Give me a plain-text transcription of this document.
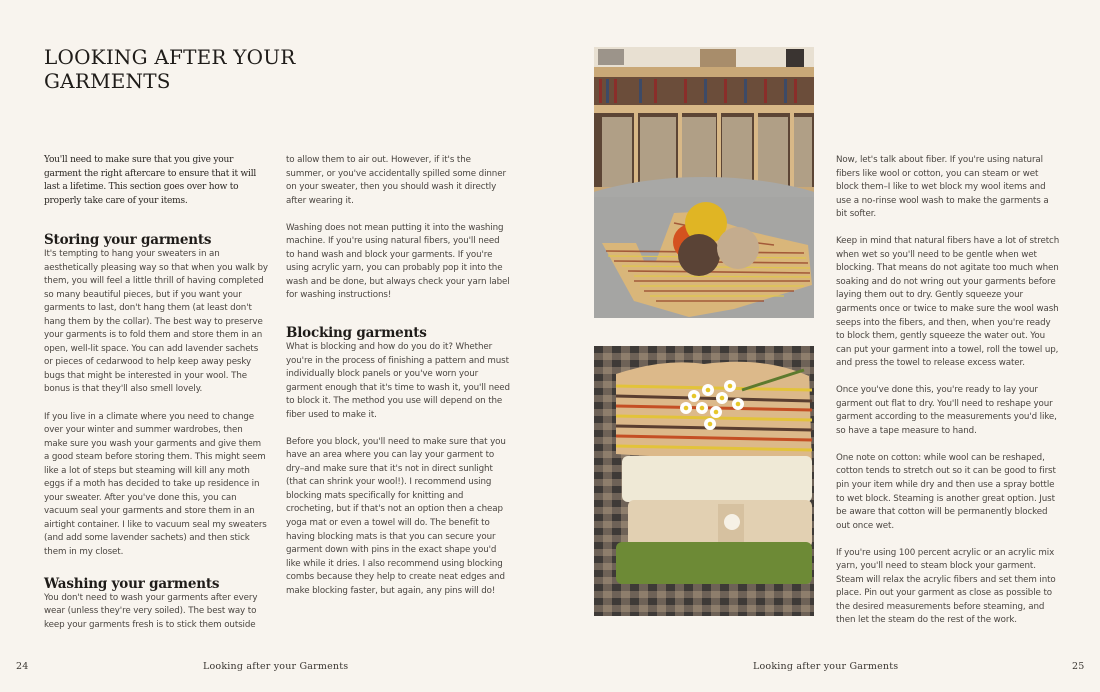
LOOKING AFTER YOUR GARMENTS

You'll need to make sure that you give your garment the right aftercare to ensure that it will last a lifetime. This section goes over how to properly take care of your items.

Storing your garments

It's tempting to hang your sweaters in an aesthetically pleasing way so that when you walk by them, you will feel a little thrill of having completed so many beautiful pieces, but if you want your garments to last, don't hang them (at least don't hang them by the collar). The best way to preserve your garments is to fold them and store them in an open, well-lit space. You can add lavender sachets or pieces of cedarwood to help keep away pesky bugs that might be interested in your wool. The bonus is that they'll also smell lovely.

If you live in a climate where you need to change over your winter and summer wardrobes, then make sure you wash your garments and give them a good steam before storing them. This might seem like a lot of steps but steaming will kill any moth eggs if a moth has decided to take up residence in your sweater. After you've done this, you can vacuum seal your garments and store them in an airtight container. I like to vacuum seal my sweaters (and add some lavender sachets) and then stick them in my closet.

Washing your garments

You don't need to wash your garments after every wear (unless they're very soiled). The best way to keep your garments fresh is to stick them outside

to allow them to air out. However, if it's the summer, or you've accidentally spilled some dinner on your sweater, then you should wash it directly after wearing it.

Washing does not mean putting it into the washing machine. If you're using natural fibers, you'll need to hand wash and block your garments. If you're using acrylic yarn, you can probably pop it into the wash and be done, but always check your yarn label for washing instructions!

Blocking garments

What is blocking and how do you do it? Whether you're in the process of finishing a pattern and must individually block panels or you've worn your garment enough that it's time to wash it, you'll need to block it. The method you use will depend on the fiber used to make it.

Before you block, you'll need to make sure that you have an area where you can lay your garment to dry–and make sure that it's not in direct sunlight (that can shrink your wool!). I recommend using blocking mats specifically for knitting and crocheting, but if that's not an option then a cheap yoga mat or even a towel will do. The benefit to having blocking mats is that you can secure your garment down with pins in the exact shape you'd like while it dries. I also recommend using blocking combs because they help to create neat edges and make blocking faster, but again, any pins will do!

24	Looking after your Garments

Now, let's talk about fiber. If you're using natural fibers like wool or cotton, you can steam or wet block them–I like to wet block my wool items and use a no-rinse wool wash to make the garments a bit softer.

Keep in mind that natural fibers have a lot of stretch when wet so you'll need to be gentle when wet blocking. That means do not agitate too much when soaking and do not wring out your garments before laying them out to dry. Gently squeeze your garments once or twice to make sure the wool wash seeps into the fibers, and then, when you're ready to block them, gently squeeze the water out. You can put your garment into a towel, roll the towel up, and press the towel to release excess water.

Once you've done this, you're ready to lay your garment out flat to dry. You'll need to reshape your garment according to the measurements you'd like, so have a tape measure to hand.

One note on cotton: while wool can be reshaped, cotton tends to stretch out so it can be good to first pin your item while dry and then use a spray bottle to wet block. Steaming is another great option. Just be aware that cotton will be permanently blocked out once wet.

If you're using 100 percent acrylic or an acrylic mix yarn, you'll need to steam block your garment. Steam will relax the acrylic fibers and set them into place. Pin out your garment as close as possible to the desired measurements before steaming, and then let the steam do the rest of the work.

Looking after your Garments	25
